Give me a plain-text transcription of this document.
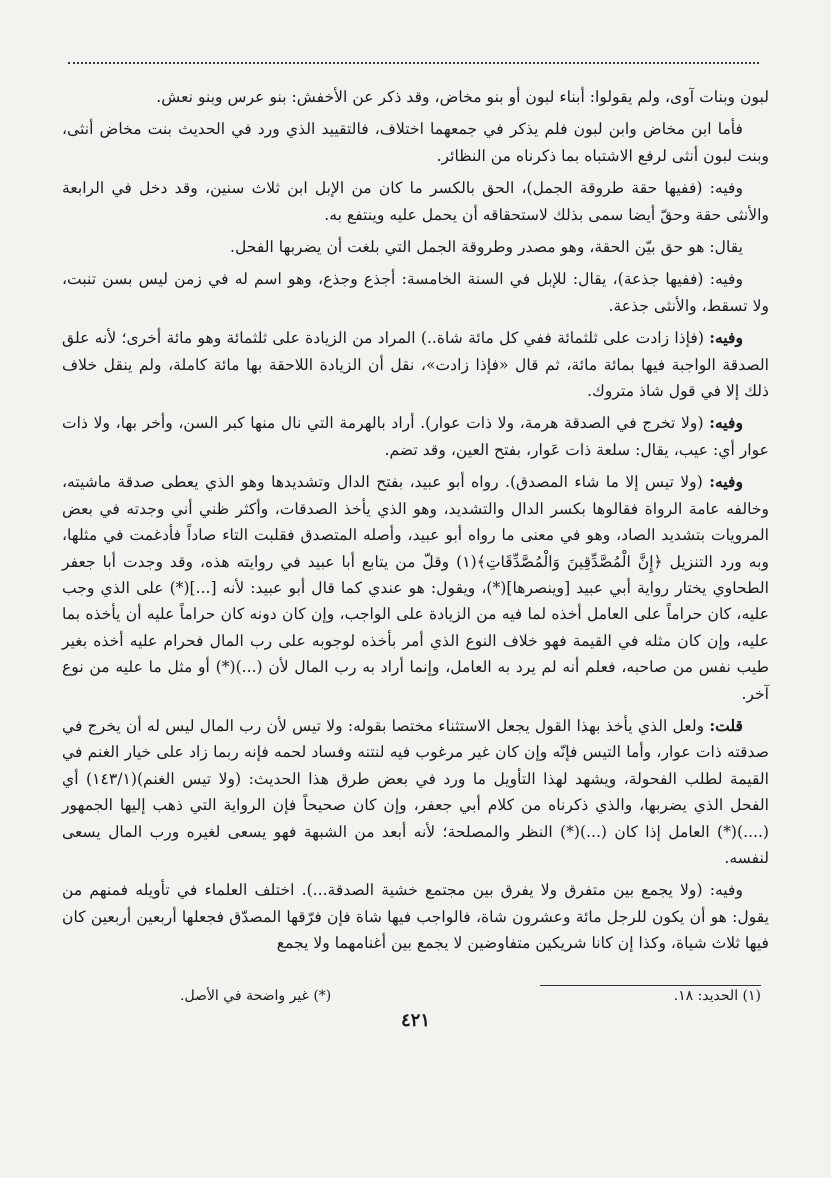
لبون وبنات آوى، ولم يقولوا: أبناء لبون أو بنو مخاض، وقد ذكر عن الأخفش: بنو عرس وبنو نعش.

فأما ابن مخاض وابن لبون فلم يذكر في جمعهما اختلاف، فالتقييد الذي ورد في الحديث بنت مخاض أنثى، وبنت لبون أنثى لرفع الاشتباه بما ذكرناه من النظائر.

وفيه: (ففيها حقة طروقة الجمل)، الحق بالكسر ما كان من الإبل ابن ثلاث سنين، وقد دخل في الرابعة والأنثى حقة وحقّ أيضا سمى بذلك لاستحقاقه أن يحمل عليه وينتفع به.

يقال: هو حق بيّن الحقة، وهو مصدر وطروقة الجمل التي بلغت أن يضربها الفحل.

وفيه: (ففيها جذعة)، يقال: للإبل في السنة الخامسة: أجذع وجذع، وهو اسم له في زمن ليس بسن تنبت، ولا تسقط، والأنثى جذعة.

وفيه: (فإذا زادت على ثلثمائة ففي كل مائة شاة..) المراد من الزيادة على ثلثمائة وهو مائة أخرى؛ لأنه علق الصدقة الواجبة فيها بمائة مائة، ثم قال «فإذا زادت»، نقل أن الزيادة اللاحقة بها مائة كاملة، ولم ينقل خلاف ذلك إلا في قول شاذ متروك.

وفيه: (ولا تخرج في الصدقة هرمة، ولا ذات عوار). أراد بالهرمة التي نال منها كبر السن، وأخر بها، ولا ذات عوار أي: عيب، يقال: سلعة ذات عَوار، بفتح العين، وقد تضم.

وفيه: (ولا تيس إلا ما شاء المصدق). رواه أبو عبيد، بفتح الدال وتشديدها وهو الذي يعطى صدقة ماشيته، وخالفه عامة الرواة فقالوها بكسر الدال والتشديد، وهو الذي يأخذ الصدقات، وأكثر ظني أني وجدته في بعض المرويات بتشديد الصاد، وهو في معنى ما رواه أبو عبيد، وأصله المتصدق فقلبت التاء صاداً فأدغمت في مثلها، وبه ورد التنزيل ﴿إِنَّ الْمُصَّدِّقِينَ وَالْمُصَّدِّقَاتِ﴾(١) وقلّ من يتابع أبا عبيد في روايته هذه، وقد وجدت أبا جعفر الطحاوي يختار رواية أبي عبيد [وينصرها](*)، ويقول: هو عندي كما قال أبو عبيد: لأنه [...](*) على الذي وجب عليه، كان حراماً على العامل أخذه لما فيه من الزيادة على الواجب، وإن كان دونه كان حراماً عليه أن يأخذه بما عليه، وإن كان مثله في القيمة فهو خلاف النوع الذي أمر بأخذه لوجوبه على رب المال فحرام عليه أخذه بغير طيب نفس من صاحبه، فعلم أنه لم يرد به العامل، وإنما أراد به رب المال لأن (...)(*) أو مثل ما عليه من نوع آخر.

قلت: ولعل الذي يأخذ بهذا القول يجعل الاستثناء مختصا بقوله: ولا تيس لأن رب المال ليس له أن يخرج في صدقته ذات عوار، وأما التيس فإنّه وإن كان غير مرغوب فيه لنتنه وفساد لحمه فإنه ربما زاد على خيار الغنم في القيمة لطلب الفحولة، ويشهد لهذا التأويل ما ورد في بعض طرق هذا الحديث: (ولا تيس الغنم)(١٤٣/١) أي الفحل الذي يضربها، والذي ذكرناه من كلام أبي جعفر، وإن كان صحيحاً فإن الرواية التي ذهب إليها الجمهور (....)(*) العامل إذا كان (...)(*) النظر والمصلحة؛ لأنه أبعد من الشبهة فهو يسعى لغيره ورب المال يسعى لنفسه.

وفيه: (ولا يجمع بين متفرق ولا يفرق بين مجتمع خشية الصدقة...). اختلف العلماء في تأويله فمنهم من يقول: هو أن يكون للرجل مائة وعشرون شاة، فالواجب فيها شاة فإن فرّقها المصدّق فجعلها أربعين أربعين كان فيها ثلاث شياة، وكذا إن كانا شريكين متفاوضين لا يجمع بين أغنامهما ولا يجمع

(١) الحديد: ١٨.
(*) غير واضحة في الأصل.
٤٢١
